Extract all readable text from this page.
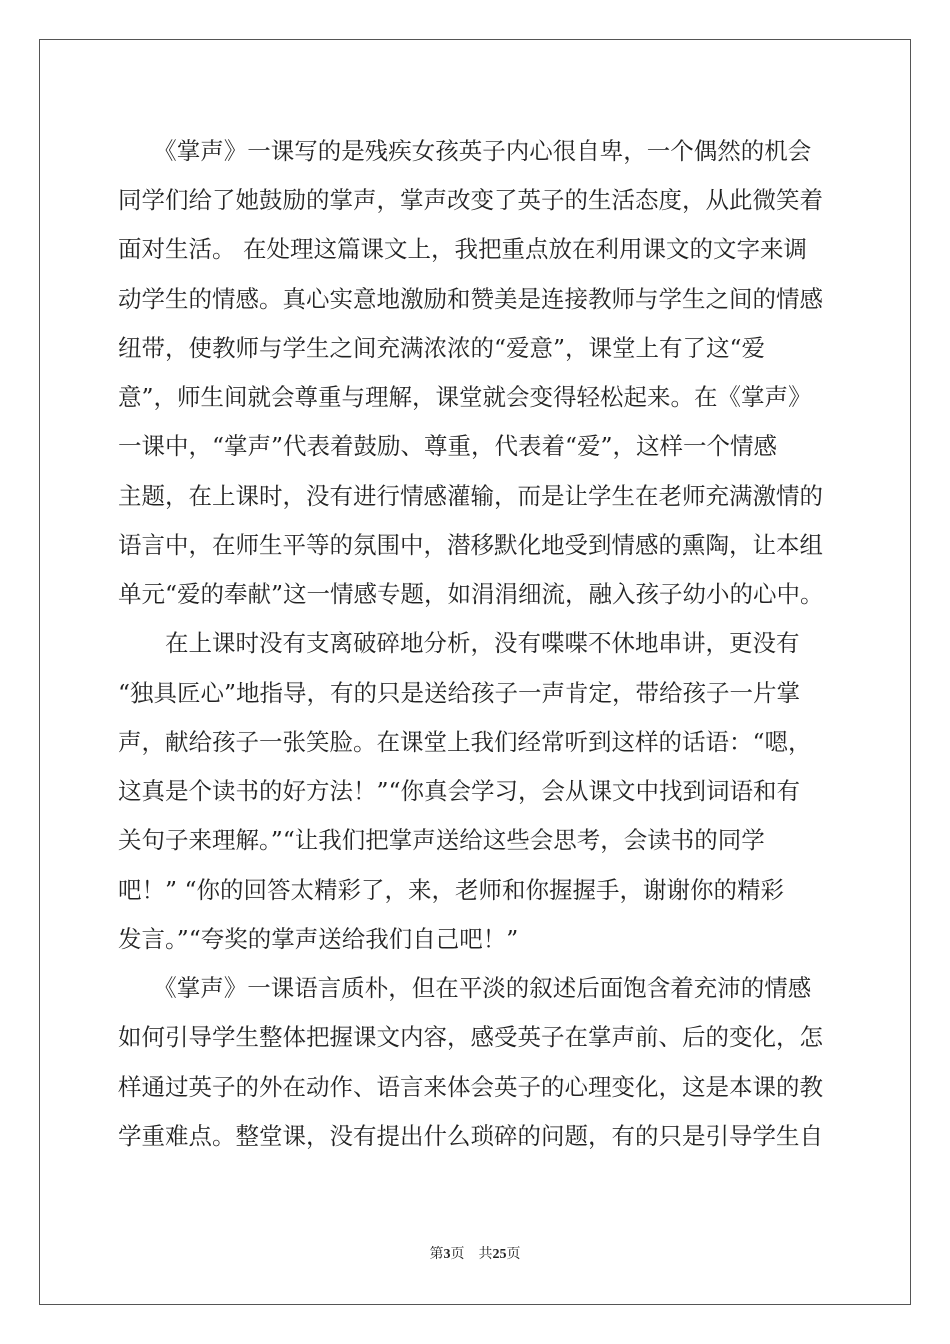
　　《掌声》一课写的是残疾女孩英子内心很自卑，一个偶然的机会
同学们给了她鼓励的掌声，掌声改变了英子的生活态度，从此微笑着
面对生活。 在处理这篇课文上，我把重点放在利用课文的文字来调
动学生的情感。真心实意地激励和赞美是连接教师与学生之间的情感
纽带，使教师与学生之间充满浓浓的“爱意”，课堂上有了这“爱
意”，师生间就会尊重与理解，课堂就会变得轻松起来。在《掌声》
一课中，“掌声”代表着鼓励、尊重，代表着“爱”，这样一个情感
主题，在上课时，没有进行情感灌输，而是让学生在老师充满激情的
语言中，在师生平等的氛围中，潜移默化地受到情感的熏陶，让本组
单元“爱的奉献”这一情感专题，如涓涓细流，融入孩子幼小的心中。
　　在上课时没有支离破碎地分析，没有喋喋不休地串讲，更没有
“独具匠心”地指导，有的只是送给孩子一声肯定，带给孩子一片掌
声，献给孩子一张笑脸。在课堂上我们经常听到这样的话语：“嗯，
这真是个读书的好方法！”“你真会学习，会从课文中找到词语和有
关句子来理解。”“让我们把掌声送给这些会思考，会读书的同学
吧！” “你的回答太精彩了，来，老师和你握握手，谢谢你的精彩
发言。”“夸奖的掌声送给我们自己吧！”
　　《掌声》一课语言质朴，但在平淡的叙述后面饱含着充沛的情感
如何引导学生整体把握课文内容，感受英子在掌声前、后的变化，怎
样通过英子的外在动作、语言来体会英子的心理变化，这是本课的教
学重难点。整堂课，没有提出什么琐碎的问题，有的只是引导学生自
第3页 共25页
